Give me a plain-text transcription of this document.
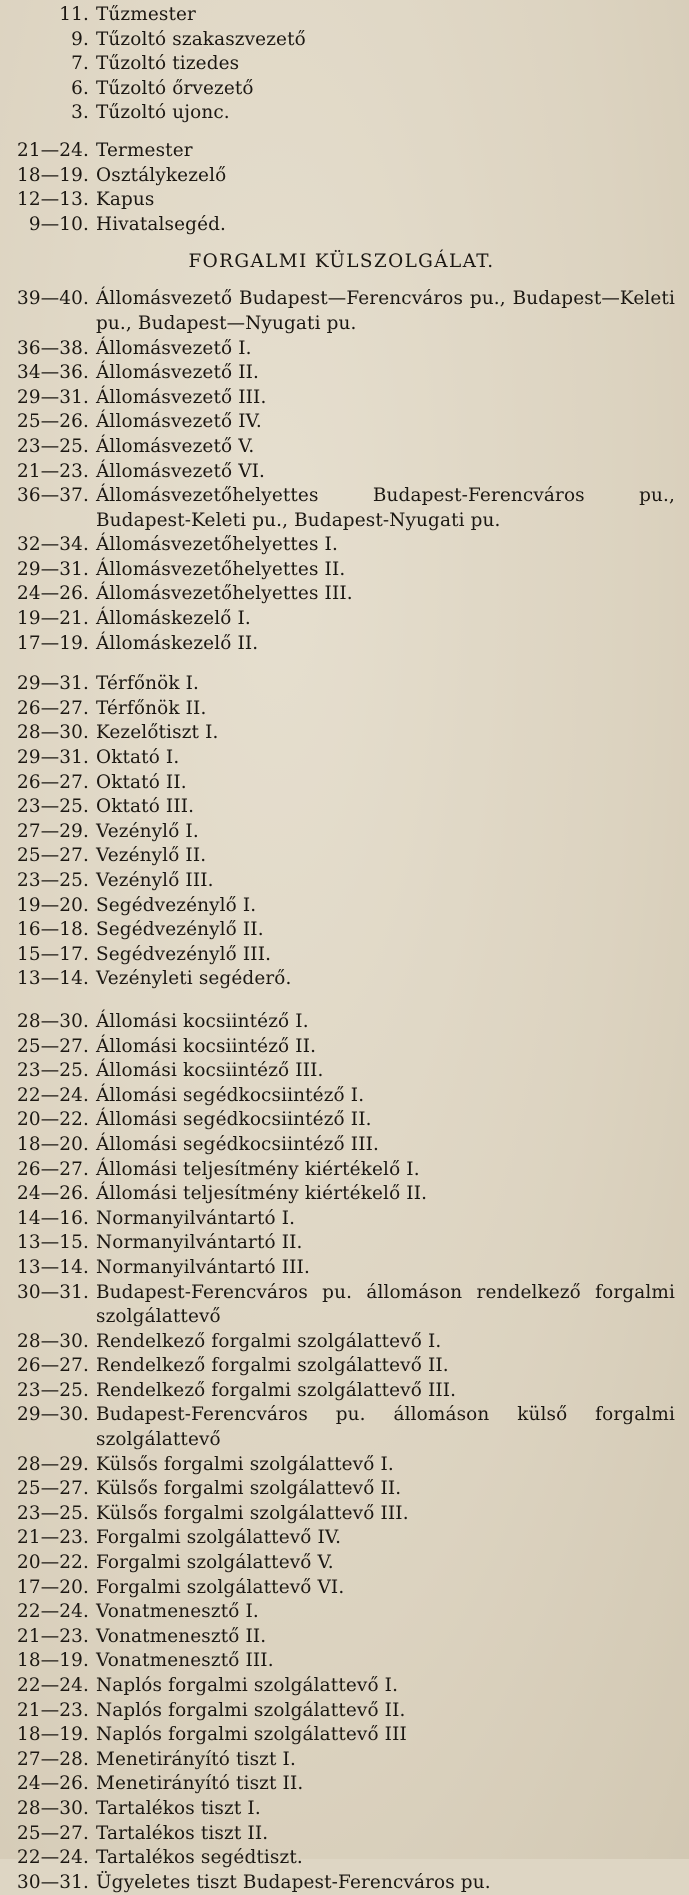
11. Tűzmester
9. Tűzoltó szakaszvezető
7. Tűzoltó tizedes
6. Tűzoltó őrvezető
3. Tűzoltó ujonc.
21—24. Termester
18—19. Osztálykezelő
12—13. Kapus
9—10. Hivatalsegéd.
FORGALMI KÜLSZOLGÁLAT.
39—40. Állomásvezető Budapest—Ferencváros pu., Budapest—Keleti pu., Budapest—Nyugati pu.
36—38. Állomásvezető I.
34—36. Állomásvezető II.
29—31. Állomásvezető III.
25—26. Állomásvezető IV.
23—25. Állomásvezető V.
21—23. Állomásvezető VI.
36—37. Állomásvezetőhelyettes Budapest-Ferencváros pu., Budapest-Keleti pu., Budapest-Nyugati pu.
32—34. Állomásvezetőhelyettes I.
29—31. Állomásvezetőhelyettes II.
24—26. Állomásvezetőhelyettes III.
19—21. Állomáskezelő I.
17—19. Állomáskezelő II.
29—31. Térfőnök I.
26—27. Térfőnök II.
28—30. Kezelőtiszt I.
29—31. Oktató I.
26—27. Oktató II.
23—25. Oktató III.
27—29. Vezénylő I.
25—27. Vezénylő II.
23—25. Vezénylő III.
19—20. Segédvezénylő I.
16—18. Segédvezénylő II.
15—17. Segédvezénylő III.
13—14. Vezényleti segéderő.
28—30. Állomási kocsiintéző I.
25—27. Állomási kocsiintéző II.
23—25. Állomási kocsiintéző III.
22—24. Állomási segédkocsiintéző I.
20—22. Állomási segédkocsiintéző II.
18—20. Állomási segédkocsiintéző III.
26—27. Állomási teljesítmény kiértékelő I.
24—26. Állomási teljesítmény kiértékelő II.
14—16. Normanyilvántartó I.
13—15. Normanyilvántartó II.
13—14. Normanyilvántartó III.
30—31. Budapest-Ferencváros pu. állomáson rendelkező forgalmi szolgálattevő
28—30. Rendelkező forgalmi szolgálattevő I.
26—27. Rendelkező forgalmi szolgálattevő II.
23—25. Rendelkező forgalmi szolgálattevő III.
29—30. Budapest-Ferencváros pu. állomáson külső forgalmi szolgálattevő
28—29. Külsős forgalmi szolgálattevő I.
25—27. Külsős forgalmi szolgálattevő II.
23—25. Külsős forgalmi szolgálattevő III.
21—23. Forgalmi szolgálattevő IV.
20—22. Forgalmi szolgálattevő V.
17—20. Forgalmi szolgálattevő VI.
22—24. Vonatmenesztő I.
21—23. Vonatmenesztő II.
18—19. Vonatmenesztő III.
22—24. Naplós forgalmi szolgálattevő I.
21—23. Naplós forgalmi szolgálattevő II.
18—19. Naplós forgalmi szolgálattevő III
27—28. Menetirányító tiszt I.
24—26. Menetirányító tiszt II.
28—30. Tartalékos tiszt I.
25—27. Tartalékos tiszt II.
22—24. Tartalékos segédtiszt.
30—31. Ügyeletes tiszt Budapest-Ferencváros pu.
